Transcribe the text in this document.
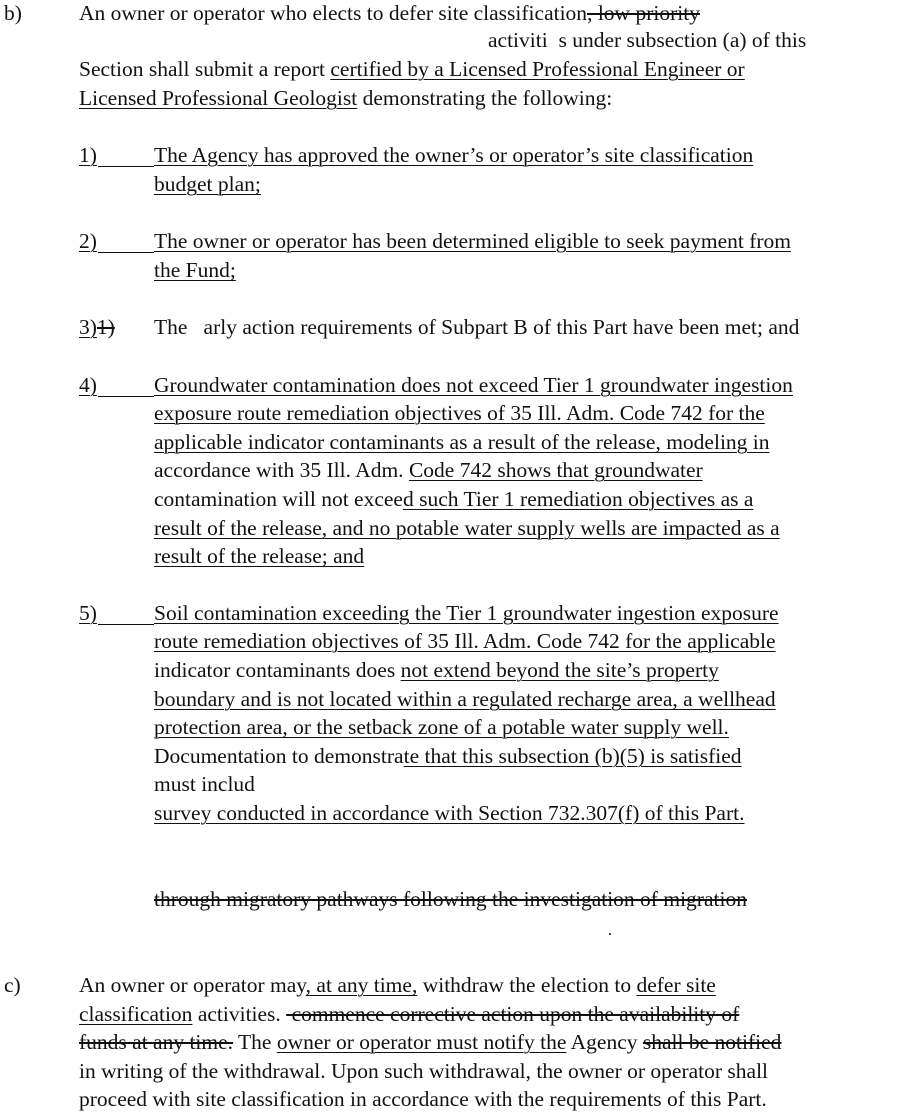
b)	An owner or operator who elects to defer site classification, low priority
activiti  s under subsection (a) of this
Section shall submit a report certified by a Licensed Professional Engineer or
Licensed Professional Geologist demonstrating the following:
1)	The Agency has approved the owner’s or operator’s site classification
budget plan;
2)	The owner or operator has been determined eligible to seek payment from
the Fund;
3)1) The   arly action requirements of Subpart B of this Part have been met; and
4)	Groundwater contamination does not exceed Tier 1 groundwater ingestion
exposure route remediation objectives of 35 Ill. Adm. Code 742 for the
applicable indicator contaminants as a result of the release, modeling in
accordance with 35 Ill. Adm. Code 742 shows that groundwater
contamination will not exceed such Tier 1 remediation objectives as a
result of the release, and no potable water supply wells are impacted as a
result of the release; and
5)	Soil contamination exceeding the Tier 1 groundwater ingestion exposure
route remediation objectives of 35 Ill. Adm. Code 742 for the applicable
indicator contaminants does not extend beyond the site’s property
boundary and is not located within a regulated recharge area, a wellhead
protection area, or the setback zone of a potable water supply well.
Documentation to demonstrate that this subsection (b)(5) is satisfied
must includ
survey conducted in accordance with Section 732.307(f) of this Part.
through migratory pathways following the investigation of migration
c)	An owner or operator may, at any time, withdraw the election to defer site
classification activities.  commence corrective action upon the availability of
funds at any time. The owner or operator must notify the Agency shall be notified
in writing of the withdrawal. Upon such withdrawal, the owner or operator shall
proceed with site classification in accordance with the requirements of this Part.
